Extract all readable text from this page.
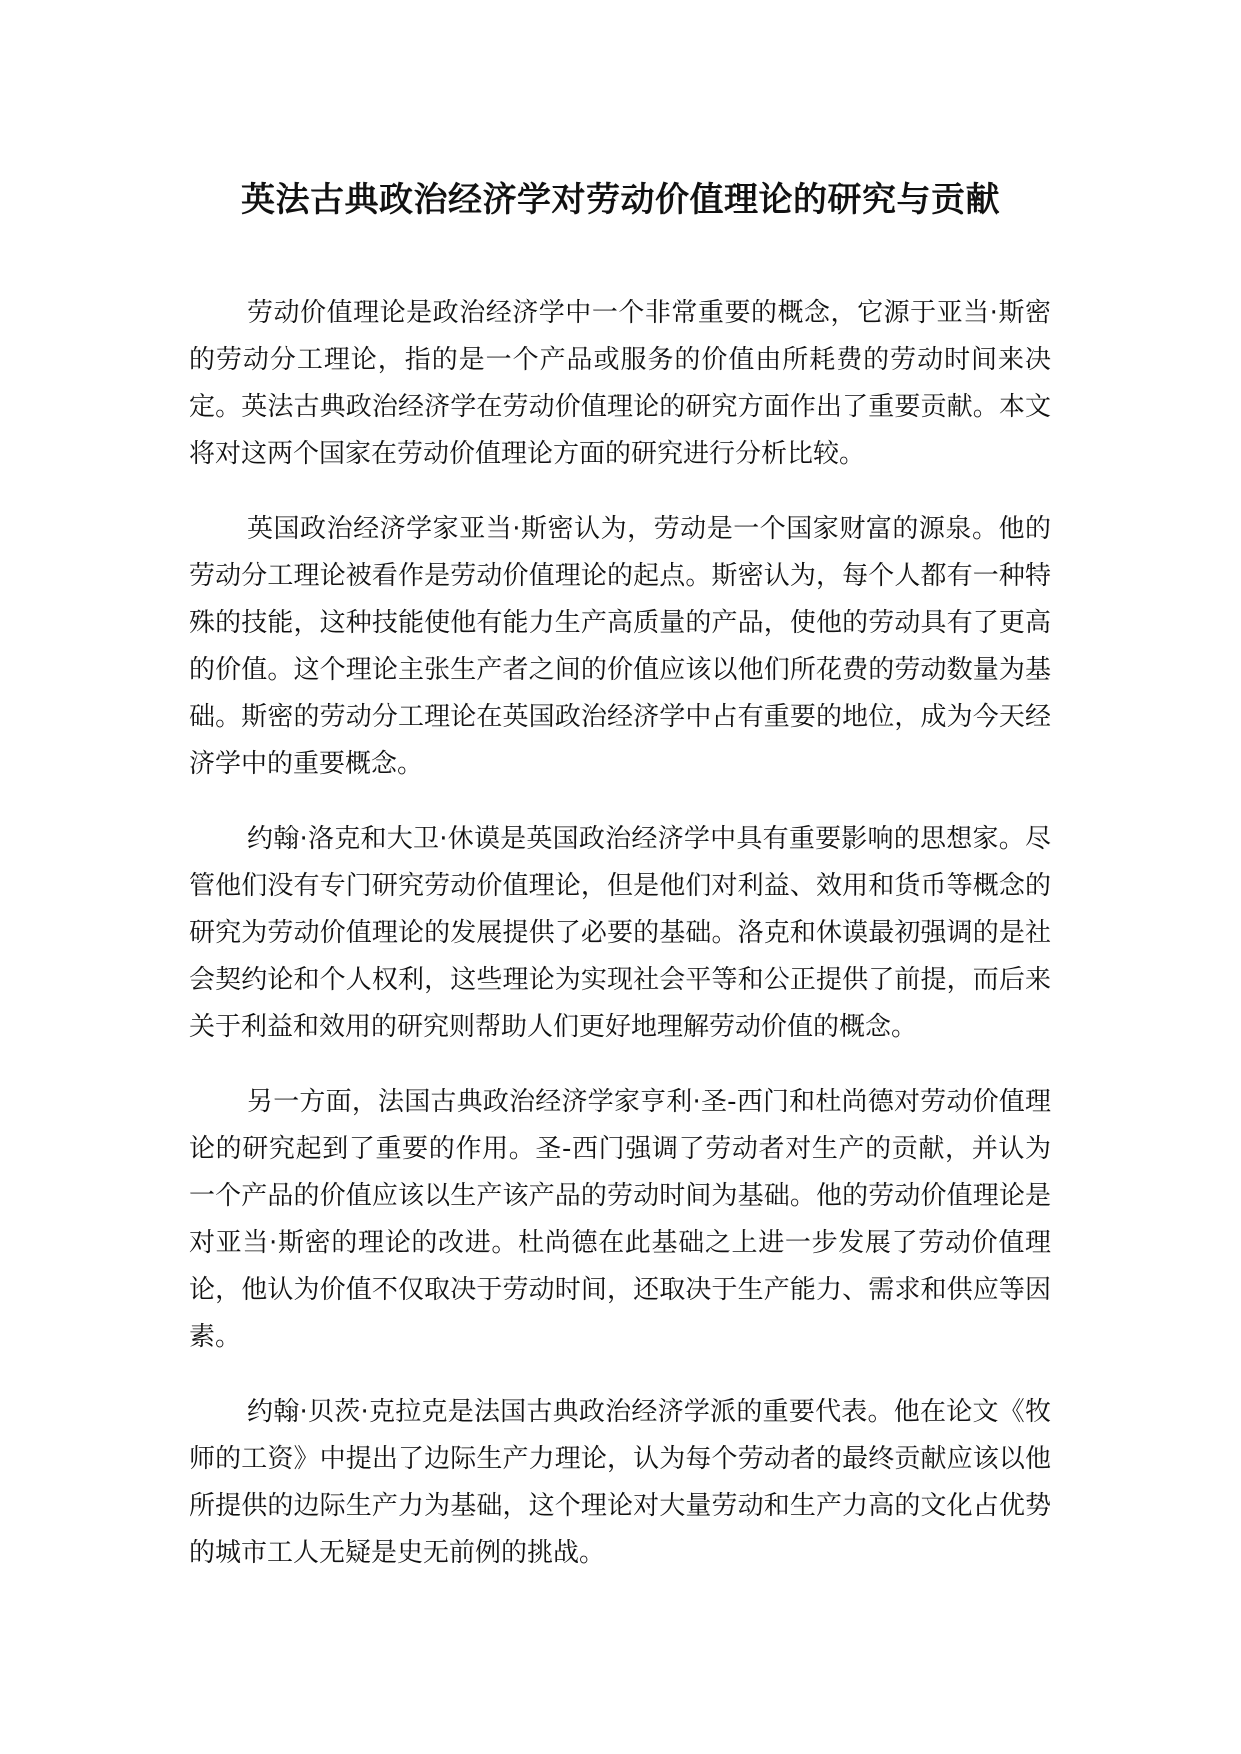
英法古典政治经济学对劳动价值理论的研究与贡献

劳动价值理论是政治经济学中一个非常重要的概念，它源于亚当·斯密的劳动分工理论，指的是一个产品或服务的价值由所耗费的劳动时间来决定。英法古典政治经济学在劳动价值理论的研究方面作出了重要贡献。本文将对这两个国家在劳动价值理论方面的研究进行分析比较。

英国政治经济学家亚当·斯密认为，劳动是一个国家财富的源泉。他的劳动分工理论被看作是劳动价值理论的起点。斯密认为，每个人都有一种特殊的技能，这种技能使他有能力生产高质量的产品，使他的劳动具有了更高的价值。这个理论主张生产者之间的价值应该以他们所花费的劳动数量为基础。斯密的劳动分工理论在英国政治经济学中占有重要的地位，成为今天经济学中的重要概念。

约翰·洛克和大卫·休谟是英国政治经济学中具有重要影响的思想家。尽管他们没有专门研究劳动价值理论，但是他们对利益、效用和货币等概念的研究为劳动价值理论的发展提供了必要的基础。洛克和休谟最初强调的是社会契约论和个人权利，这些理论为实现社会平等和公正提供了前提，而后来关于利益和效用的研究则帮助人们更好地理解劳动价值的概念。

另一方面，法国古典政治经济学家亨利·圣-西门和杜尚德对劳动价值理论的研究起到了重要的作用。圣-西门强调了劳动者对生产的贡献，并认为一个产品的价值应该以生产该产品的劳动时间为基础。他的劳动价值理论是对亚当·斯密的理论的改进。杜尚德在此基础之上进一步发展了劳动价值理论，他认为价值不仅取决于劳动时间，还取决于生产能力、需求和供应等因素。

约翰·贝茨·克拉克是法国古典政治经济学派的重要代表。他在论文《牧师的工资》中提出了边际生产力理论，认为每个劳动者的最终贡献应该以他所提供的边际生产力为基础，这个理论对大量劳动和生产力高的文化占优势的城市工人无疑是史无前例的挑战。
